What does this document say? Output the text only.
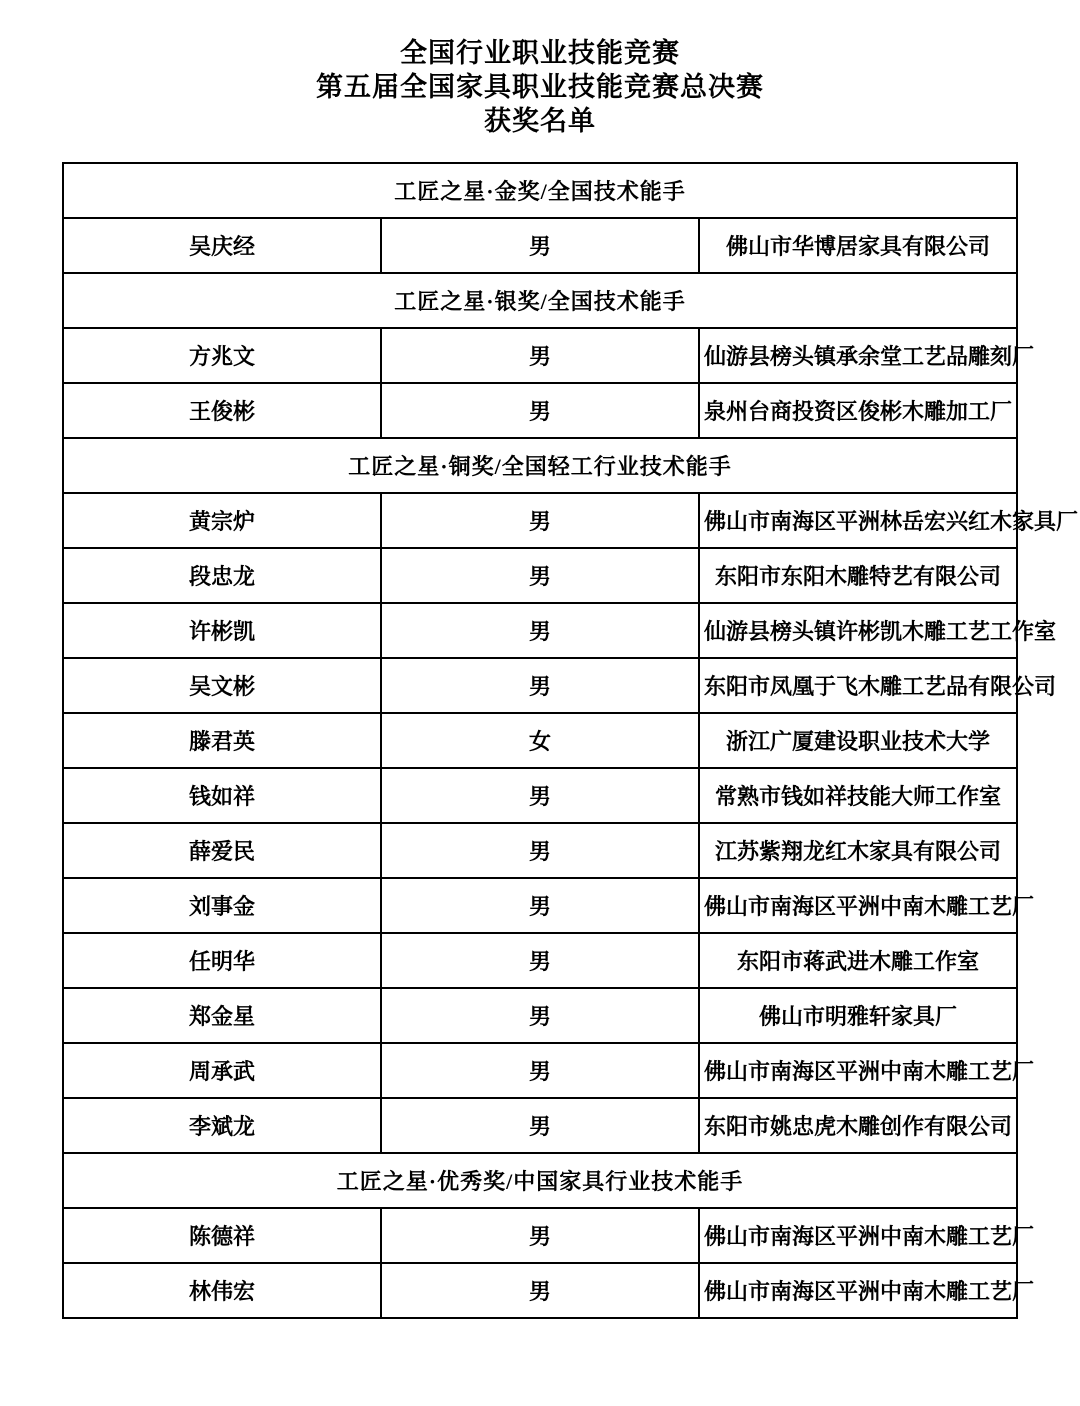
全国行业职业技能竞赛
第五届全国家具职业技能竞赛总决赛
获奖名单
工匠之星·金奖/全国技术能手		
吴庆经	男	佛山市华博居家具有限公司
工匠之星·银奖/全国技术能手		
方兆文	男	仙游县榜头镇承余堂工艺品雕刻厂
王俊彬	男	泉州台商投资区俊彬木雕加工厂
工匠之星·铜奖/全国轻工行业技术能手		
黄宗炉	男	佛山市南海区平洲林岳宏兴红木家具厂
段忠龙	男	东阳市东阳木雕特艺有限公司
许彬凯	男	仙游县榜头镇许彬凯木雕工艺工作室
吴文彬	男	东阳市凤凰于飞木雕工艺品有限公司
滕君英	女	浙江广厦建设职业技术大学
钱如祥	男	常熟市钱如祥技能大师工作室
薛爱民	男	江苏紫翔龙红木家具有限公司
刘事金	男	佛山市南海区平洲中南木雕工艺厂
任明华	男	东阳市蒋武进木雕工作室
郑金星	男	佛山市明雅轩家具厂
周承武	男	佛山市南海区平洲中南木雕工艺厂
李斌龙	男	东阳市姚忠虎木雕创作有限公司
工匠之星·优秀奖/中国家具行业技术能手		
陈德祥	男	佛山市南海区平洲中南木雕工艺厂
林伟宏	男	佛山市南海区平洲中南木雕工艺厂
